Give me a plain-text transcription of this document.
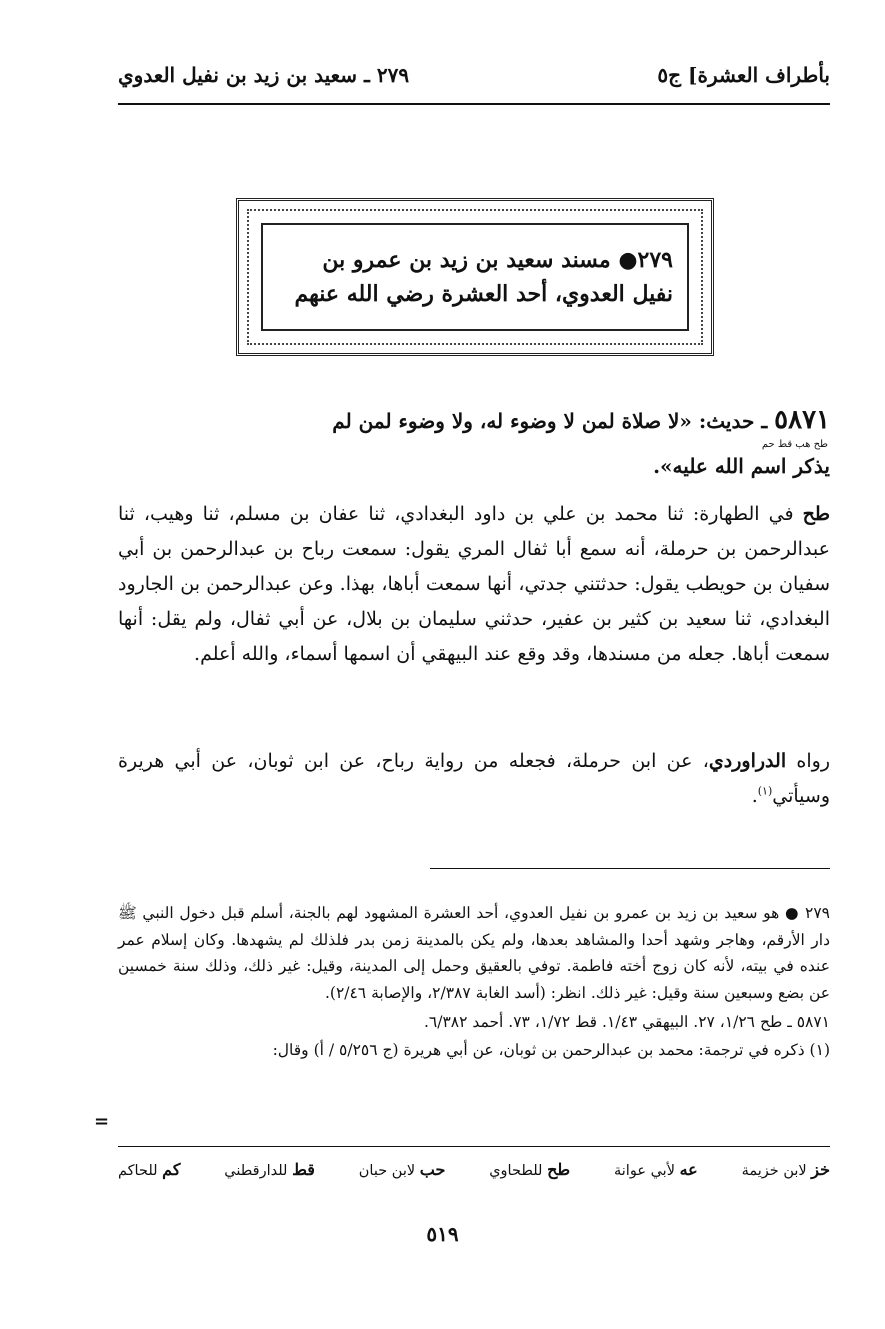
بأطراف العشرة] ج٥
٢٧٩ ـ سعيد بن زيد بن نفيل العدوي
٢٧٩● مسند سعيد بن زيد بن عمرو بن
نفيل العدوي، أحد العشرة رضي الله عنهم
٥٨٧١ ـ حديث: «لا صلاة لمن لا وضوء له، ولا وضوء لمن لم
طح هب قط حم
يذكر اسم الله عليه».
طح في الطهارة: ثنا محمد بن علي بن داود البغدادي، ثنا عفان بن مسلم، ثنا وهيب، ثنا عبدالرحمن بن حرملة، أنه سمع أبا ثفال المري يقول: سمعت رباح بن عبدالرحمن بن أبي سفيان بن حويطب يقول: حدثتني جدتي، أنها سمعت أباها، بهذا. وعن عبدالرحمن بن الجارود البغدادي، ثنا سعيد بن كثير بن عفير، حدثني سليمان بن بلال، عن أبي ثفال، ولم يقل: أنها سمعت أباها. جعله من مسندها، وقد وقع عند البيهقي أن اسمها أسماء، والله أعلم.
رواه الدراوردي، عن ابن حرملة، فجعله من رواية رباح، عن ابن ثوبان، عن أبي هريرة وسيأتي$^{(١)}$.

٢٧٩ ● هو سعيد بن زيد بن عمرو بن نفيل العدوي، أحد العشرة المشهود لهم بالجنة، أسلم قبل دخول النبي ﷺ دار الأرقم، وهاجر وشهد أحدا والمشاهد بعدها، ولم يكن بالمدينة زمن بدر فلذلك لم يشهدها. وكان إسلام عمر عنده في بيته، لأنه كان زوج أخته فاطمة. توفي بالعقيق وحمل إلى المدينة، وقيل: غير ذلك، وذلك سنة خمسين عن بضع وسبعين سنة وقيل: غير ذلك. انظر: (أسد الغابة ٢/٣٨٧، والإصابة ٢/٤٦).

٥٨٧١ ـ طح ١/٢٦، ٢٧. البيهقي ١/٤٣. قط ١/٧٢، ٧٣. أحمد ٦/٣٨٢.

(١) ذكره في ترجمة: محمد بن عبدالرحمن بن ثوبان، عن أبي هريرة (ج ٥/٢٥٦ / أ) وقال:

=
خز لابن خزيمة
عه لأبي عوانة
طح للطحاوي
حب لابن حبان
قط للدارقطني
كم للحاكم
٥١٩
